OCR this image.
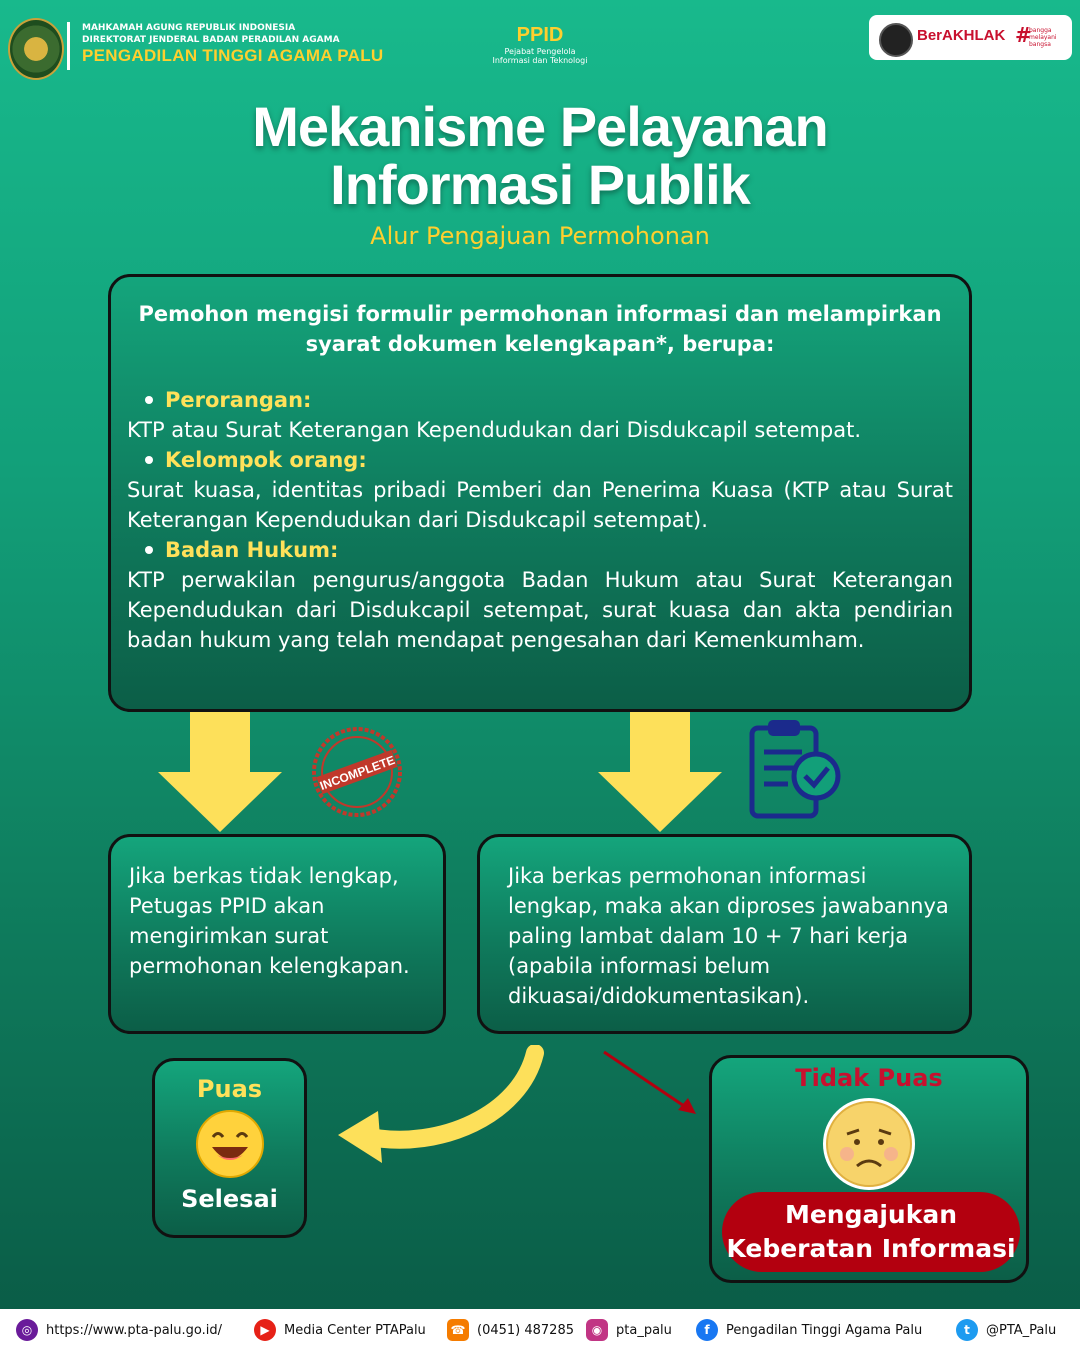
MAHKAMAH AGUNG REPUBLIK INDONESIA
DIREKTORAT JENDERAL BADAN PERADILAN AGAMA
PENGADILAN TINGGI AGAMA PALU
PPID
Pejabat Pengelola
Informasi dan Teknologi
BerAKHLAK #
bangga
melayani
bangsa
Mekanisme Pelayanan
Informasi Publik
Alur Pengajuan Permohonan
Pemohon mengisi formulir permohonan informasi dan melampirkan syarat dokumen kelengkapan*, berupa:
Perorangan:
KTP atau Surat Keterangan Kependudukan dari Disdukcapil setempat.
Kelompok orang:
Surat kuasa, identitas pribadi Pemberi dan Penerima Kuasa (KTP atau Surat Keterangan Kependudukan dari Disdukcapil setempat).
Badan Hukum:
KTP perwakilan pengurus/anggota Badan Hukum atau Surat Keterangan Kependudukan dari Disdukcapil setempat, surat kuasa dan akta pendirian badan hukum yang telah mendapat pengesahan dari Kemenkumham.
INCOMPLETE
Jika berkas tidak lengkap, Petugas PPID akan mengirimkan surat permohonan kelengkapan.
Jika berkas permohonan informasi lengkap, maka akan diproses jawabannya paling lambat dalam 10 + 7 hari kerja (apabila informasi belum dikuasai/didokumentasikan).
Puas
Selesai
Tidak Puas
Mengajukan
Keberatan Informasi
◎	https://www.pta-palu.go.id/	▶	Media Center PTAPalu ☎ (0451) 487285	◉	pta_palu	f	Pengadilan Tinggi Agama Palu	t	@PTA_Palu
